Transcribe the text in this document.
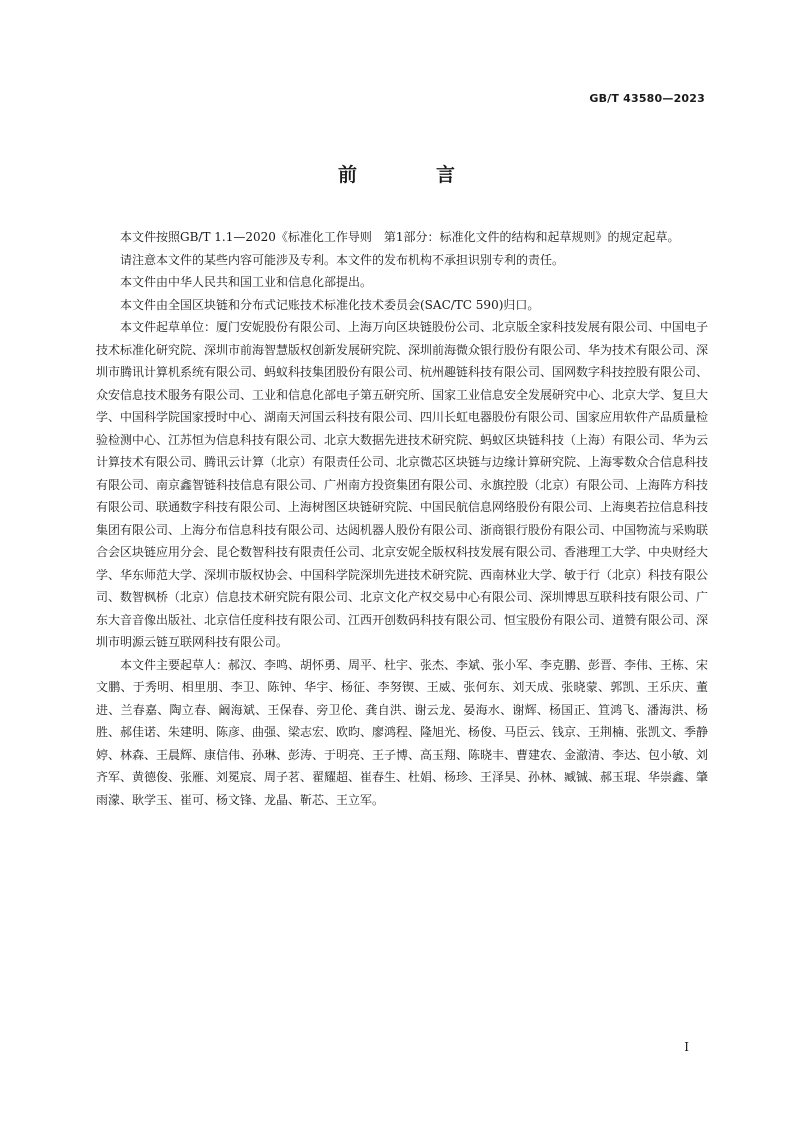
GB/T 43580—2023
前　言

本文件按照GB/T 1.1—2020《标准化工作导则　第1部分：标准化文件的结构和起草规则》的规定起草。

请注意本文件的某些内容可能涉及专利。本文件的发布机构不承担识别专利的责任。

本文件由中华人民共和国工业和信息化部提出。

本文件由全国区块链和分布式记账技术标准化技术委员会(SAC/TC 590)归口。

本文件起草单位：厦门安妮股份有限公司、上海万向区块链股份公司、北京版全家科技发展有限公司、中国电子技术标准化研究院、深圳市前海智慧版权创新发展研究院、深圳前海微众银行股份有限公司、华为技术有限公司、深圳市腾讯计算机系统有限公司、蚂蚁科技集团股份有限公司、杭州趣链科技有限公司、国网数字科技控股有限公司、众安信息技术服务有限公司、工业和信息化部电子第五研究所、国家工业信息安全发展研究中心、北京大学、复旦大学、中国科学院国家授时中心、湖南天河国云科技有限公司、四川长虹电器股份有限公司、国家应用软件产品质量检验检测中心、江苏恒为信息科技有限公司、北京大数据先进技术研究院、蚂蚁区块链科技（上海）有限公司、华为云计算技术有限公司、腾讯云计算（北京）有限责任公司、北京微芯区块链与边缘计算研究院、上海零数众合信息科技有限公司、南京鑫智链科技信息有限公司、广州南方投资集团有限公司、永旗控股（北京）有限公司、上海阵方科技有限公司、联通数字科技有限公司、上海树图区块链研究院、中国民航信息网络股份有限公司、上海奥若拉信息科技集团有限公司、上海分布信息科技有限公司、达闼机器人股份有限公司、浙商银行股份有限公司、中国物流与采购联合会区块链应用分会、昆仑数智科技有限责任公司、北京安妮全版权科技发展有限公司、香港理工大学、中央财经大学、华东师范大学、深圳市版权协会、中国科学院深圳先进技术研究院、西南林业大学、敏于行（北京）科技有限公司、数智枫桥（北京）信息技术研究院有限公司、北京文化产权交易中心有限公司、深圳博思互联科技有限公司、广东大音音像出版社、北京信任度科技有限公司、江西开创数码科技有限公司、恒宝股份有限公司、道赞有限公司、深圳市明源云链互联网科技有限公司。

本文件主要起草人：郝汉、李鸣、胡怀勇、周平、杜宇、张杰、李斌、张小军、李克鹏、彭晋、李伟、王栋、宋文鹏、于秀明、相里朋、李卫、陈钟、华宇、杨征、李努锲、王威、张何东、刘天成、张晓蒙、郭凯、王乐庆、董进、兰春嘉、陶立春、阚海斌、王保春、旁卫伦、龚自洪、谢云龙、晏海水、谢辉、杨国正、笪鸿飞、潘海洪、杨胜、郝佳诺、朱建明、陈彦、曲强、梁志宏、欧昀、廖鸿程、隆旭光、杨俊、马臣云、钱京、王荆楠、张凯文、季静婷、林森、王晨辉、康信伟、孙琳、彭涛、于明亮、王子博、高玉翔、陈晓丰、曹建农、金澈清、李达、包小敏、刘齐军、黄德俊、张雁、刘冕宸、周子茗、翟耀超、崔春生、杜娟、杨珍、王泽昊、孙林、臧铖、郝玉琨、华崇鑫、肇雨濛、耿学玉、崔可、杨文锋、龙晶、靳芯、王立军。

I
